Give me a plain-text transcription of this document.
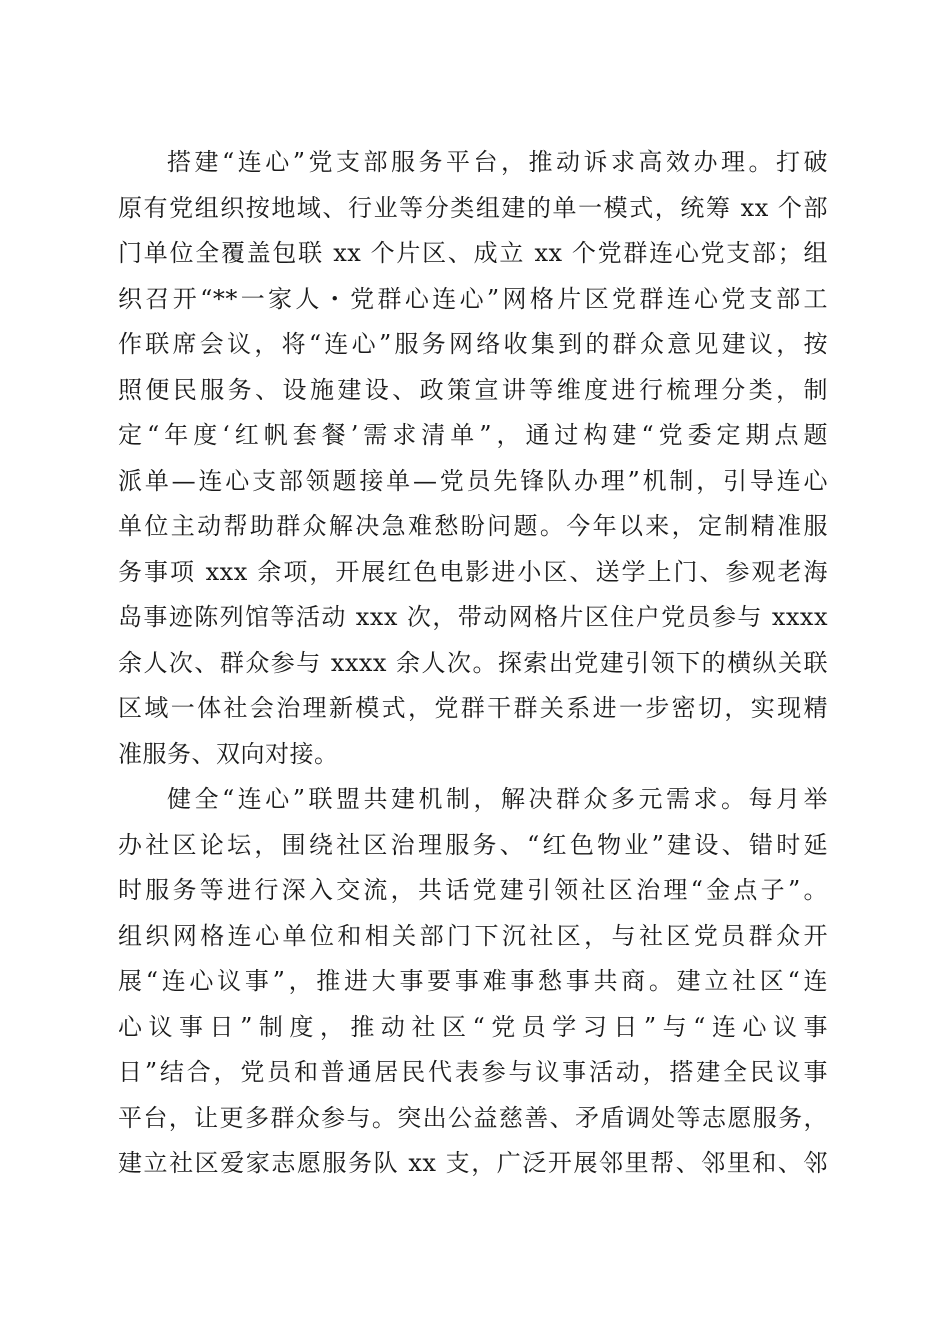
搭建“连心”党支部服务平台，推动诉求高效办理。打破
原有党组织按地域、行业等分类组建的单一模式，统筹 xx 个部
门单位全覆盖包联 xx 个片区、成立 xx 个党群连心党支部；组
织召开“**一家人・党群心连心”网格片区党群连心党支部工
作联席会议，将“连心”服务网络收集到的群众意见建议，按
照便民服务、设施建设、政策宣讲等维度进行梳理分类，制
定“年度‘红帆套餐’需求清单”，通过构建“党委定期点题
派单—连心支部领题接单—党员先锋队办理”机制，引导连心
单位主动帮助群众解决急难愁盼问题。今年以来，定制精准服
务事项 xxx 余项，开展红色电影进小区、送学上门、参观老海
岛事迹陈列馆等活动 xxx 次，带动网格片区住户党员参与 xxxx
余人次、群众参与 xxxx 余人次。探索出党建引领下的横纵关联
区域一体社会治理新模式，党群干群关系进一步密切，实现精
准服务、双向对接。
健全“连心”联盟共建机制，解决群众多元需求。每月举
办社区论坛，围绕社区治理服务、“红色物业”建设、错时延
时服务等进行深入交流，共话党建引领社区治理“金点子”。
组织网格连心单位和相关部门下沉社区，与社区党员群众开
展“连心议事”，推进大事要事难事愁事共商。建立社区“连
心议事日”制度，推动社区“党员学习日”与“连心议事
日”结合，党员和普通居民代表参与议事活动，搭建全民议事
平台，让更多群众参与。突出公益慈善、矛盾调处等志愿服务，
建立社区爱家志愿服务队 xx 支，广泛开展邻里帮、邻里和、邻
